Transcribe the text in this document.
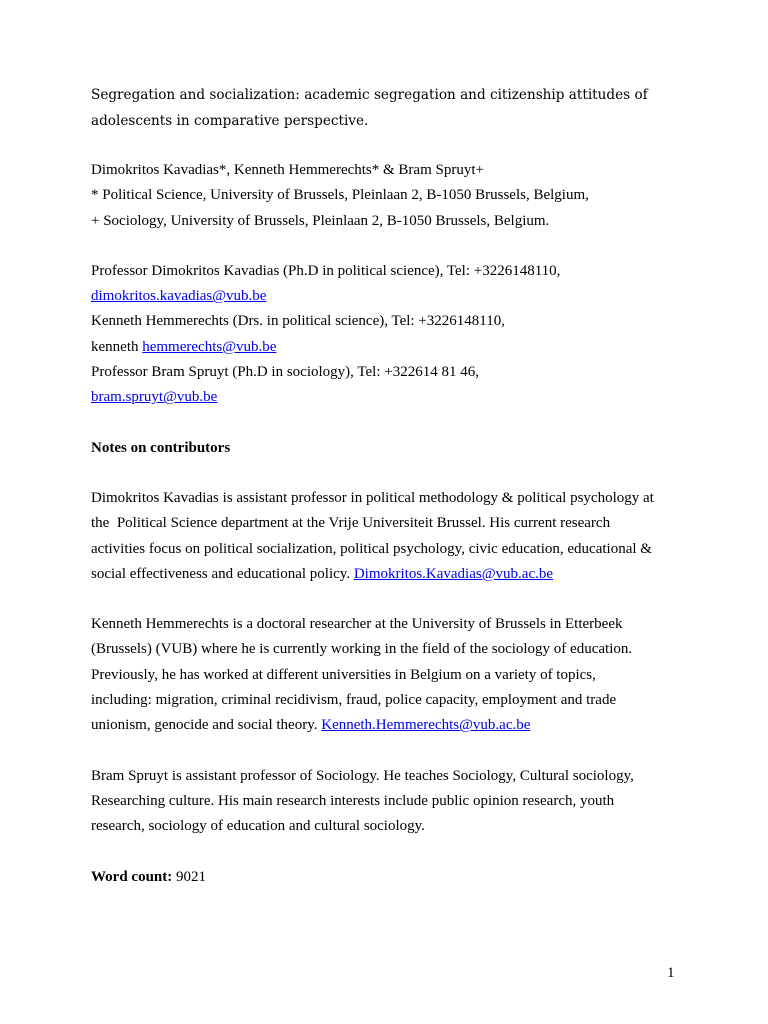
Segregation and socialization: academic segregation and citizenship attitudes of

adolescents in comparative perspective.

Dimokritos Kavadias*, Kenneth Hemmerechts* & Bram Spruyt+

* Political Science, University of Brussels, Pleinlaan 2, B-1050 Brussels, Belgium,

+ Sociology, University of Brussels, Pleinlaan 2, B-1050 Brussels, Belgium.

Professor Dimokritos Kavadias (Ph.D in political science), Tel: +3226148110,

dimokritos.kavadias@vub.be

Kenneth Hemmerechts (Drs. in political science), Tel: +3226148110,

kenneth hemmerechts@vub.be

Professor Bram Spruyt (Ph.D in sociology), Tel: +322614 81 46,

bram.spruyt@vub.be

Notes on contributors

Dimokritos Kavadias is assistant professor in political methodology & political psychology at

the  Political Science department at the Vrije Universiteit Brussel. His current research

activities focus on political socialization, political psychology, civic education, educational &

social effectiveness and educational policy. Dimokritos.Kavadias@vub.ac.be

Kenneth Hemmerechts is a doctoral researcher at the University of Brussels in Etterbeek

(Brussels) (VUB) where he is currently working in the field of the sociology of education.

Previously, he has worked at different universities in Belgium on a variety of topics,

including: migration, criminal recidivism, fraud, police capacity, employment and trade

unionism, genocide and social theory. Kenneth.Hemmerechts@vub.ac.be

Bram Spruyt is assistant professor of Sociology. He teaches Sociology, Cultural sociology,

Researching culture. His main research interests include public opinion research, youth

research, sociology of education and cultural sociology.

Word count: 9021

1
